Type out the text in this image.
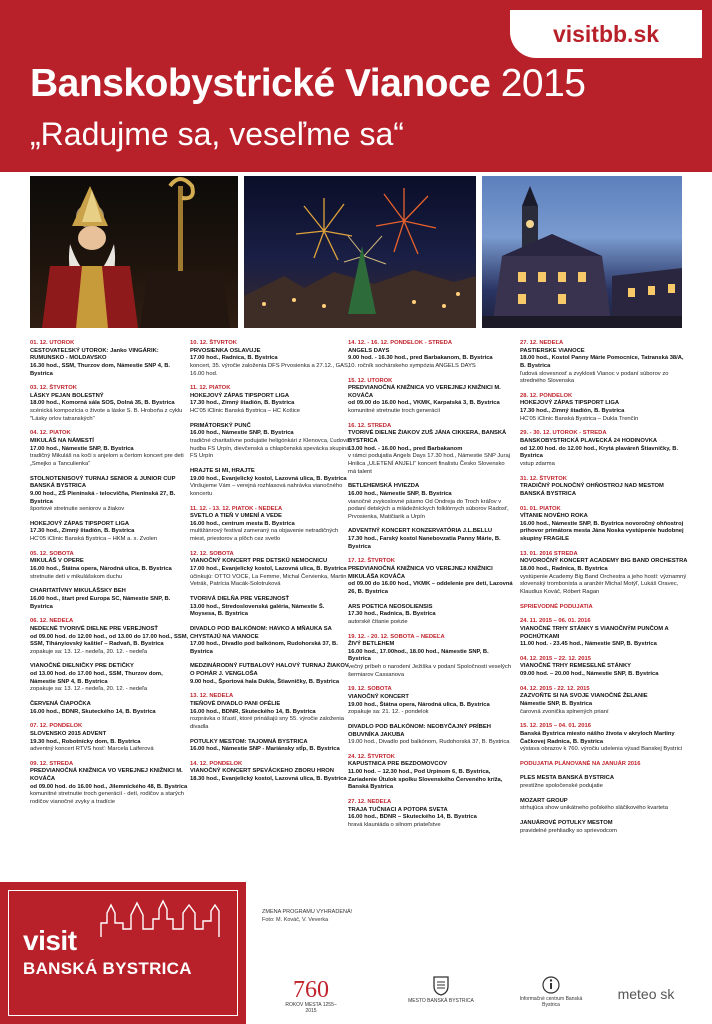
visitbb.sk
Banskobystrické Vianoce 2015
„Radujme sa, veseľme sa“
01. 12. UTOROK
CESTOVATEĽSKÝ UTOROK: Janko VINGÁRIK: RUMUNSKO - MOLDAVSKO
16.30 hod., SSM, Thurzov dom, Námestie SNP 4, B. Bystrica
03. 12. ŠTVRTOK
LÁSKY PEJAN BOLESTNÝ
18.00 hod., Komorná sála SOS, Dolná 35, B. Bystrica
scénická kompozícia o živote a láske S. B. Hroboňa z cyklu "Lásky orlov tatranských"
04. 12. PIATOK
MIKULÁŠ NA NÁMESTÍ
17.00 hod., Námestie SNP, B. Bystrica
tradičný Mikuláš na koči s anjelom a čertom koncert pre deti „Smejko a Tanculienka“
STOLNOTENISOVÝ TURNAJ SENIOR & JUNIOR CUP BANSKÁ BYSTRICA
9.00 hod., ZŠ Pieninská - telocvičňa, Pieninská 27, B. Bystrica
športové stretnutie seniorov a žiakov
HOKEJOVÝ ZÁPAS TIPSPORT LIGA
17.30 hod., Zimný štadión, B. Bystrica
HC'05 iClinic Banská Bystrica – HKM a. s. Zvolen
05. 12. SOBOTA
MIKULÁŠ V OPERE
16.00 hod., Štátna opera, Národná ulica, B. Bystrica
stretnutie detí v mikulášskom duchu
CHARITATÍVNY MIKULÁŠSKY BEH
16.00 hod., štart pred Europa SC, Námestie SNP, B. Bystrica
06. 12. NEDEĽA
NEDEĽNÉ TVORIVÉ DIELNE PRE VEREJNOSŤ
od 09.00 hod. do 12.00 hod., od 13.00 do 17.00 hod., SSM, SSM, Tihányiovský kaštieľ – Radvaň, B. Bystrica
zopakuje sa: 13. 12.- nedeľa, 20. 12. - nedeľa
VIANOČNÉ DIELNIČKY PRE DETIČKY
od 13.00 hod. do 17.00 hod., SSM, Thurzov dom, Námestie SNP 4, B. Bystrica
zopakuje sa: 13. 12.- nedeľa, 20. 12. - nedeľa
ČERVENÁ ČIAPOČKA
16.00 hod., BDNR, Skuteckého 14, B. Bystrica
07. 12. PONDELOK
SLOVENSKO 2015 ADVENT
19.30 hod., Robotnícky dom, B. Bystrica
adventný koncert RTVS hosť: Marcela Laiferová
09. 12. STREDA
PREDVIANOČNÁ KNIŽNICA VO VEREJNEJ KNIŽNICI M. KOVÁČA
od 09.00 hod. do 16.00 hod., Jilemnického 48, B. Bystrica
komunitné stretnutie troch generácií - detí, rodičov a starých rodičov vianočné zvyky a tradície
10. 12. ŠTVRTOK
PRVOSIENKA OSLAVUJE
17.00 hod., Radnica, B. Bystrica
koncert, 35. výročie založenia DFS Prvosienka a 27.12., GAS, 16.00 hod.
11. 12. PIATOK
HOKEJOVÝ ZÁPAS TIPSPORT LIGA
17.30 hod., Zimný štadión, B. Bystrica
HC'05 iClinic Banská Bystrica – HC Košice
PRIMÁTORSKÝ PUNČ
16.00 hod., Námestie SNP, B. Bystrica
tradičné charitatívne podujatie heligónkári z Klenovca, Ľudová hudba FS Urpín, dievčenská a chlapčenská spevácka skupina FS Urpín
HRAJTE SI MI, HRAJTE
19.00 hod., Evanjelický kostol, Lazovná ulica, B. Bystrica
Vinšujeme Vám – verejná rozhlasová nahrávka vianočného koncertu
11. 12. - 13. 12. PIATOK - NEDEĽA
SVETLO A TIEŇ V UMENÍ A VEDE
16.00 hod., centrum mesta B. Bystrica
multižánrový festival zameraný na objavenie netradičných miest, priestorov a plôch cez svetlo
12. 12. SOBOTA
VIANOČNÝ KONCERT PRE DETSKÚ NEMOCNICU
17.00 hod., Evanjelický kostol, Lazovná ulica, B. Bystrica
účinkujú: OTTO VOCE, La Femme, Michal Červienka, Martin Vetrák, Patrícia Macák-Solotruková
TVORIVÁ DIELŇA PRE VEREJNOSŤ
13.00 hod., Stredoslovenská galéria, Námestie Š. Moysesa, B. Bystrica
DIVADLO POD BALKÓNOM: HAVKO A MŇAUKA SA CHYSTAJÚ NA VIANOCE
17.00 hod., Divadlo pod balkónom, Rudohorská 37, B. Bystrica
MEDZINÁRODNÝ FUTBALOVÝ HALOVÝ TURNAJ ŽIAKOV O POHÁR J. VENGLOŠA
9.00 hod., Športová hala Dukla, Štiavničky, B. Bystrica
13. 12. NEDEĽA
TIEŇOVÉ DIVADLO PANI OFÉLIE
16.00 hod., BDNR, Skuteckého 14, B. Bystrica
rozprávka o šťastí, ktoré prinášajú sny 55. výročie založenia divadla
POTULKY MESTOM: TAJOMNÁ BYSTRICA
16.00 hod., Námestie SNP - Mariánsky stĺp, B. Bystrica
14. 12. PONDELOK
VIANOČNÝ KONCERT SPEVÁCKEHO ZBORU HRON
18.30 hod., Evanjelický kostol, Lazovná ulica, B. Bystrica
14. 12. - 16. 12. PONDELOK - STREDA
ANGELS DAYS
9.00 hod. - 16.30 hod., pred Barbakanom, B. Bystrica
10. ročník sochárskeho sympózia ANGELS DAYS
15. 12. UTOROK
PREDVIANOČNÁ KNIŽNICA VO VEREJNEJ KNIŽNICI M. KOVÁČA
od 09.00 do 16.00 hod., VKMK, Karpatská 3, B. Bystrica
komunitné stretnutie troch generácií
16. 12. STREDA
TVORIVÉ DIELNE ŽIAKOV ZUŠ JÁNA CIKKERA, BANSKÁ BYSTRICA
13.00 hod. - 16.00 hod., pred Barbakanom
v rámci podujatia Angels Days 17.30 hod., Námestie SNP Juraj Hnilica „ULETENÍ ANJELI“ koncert finalistu Česko Slovensko má talent
BETLEHEMSKÁ HVIEZDA
16.00 hod., Námestie SNP, B. Bystrica
vianočné zvykoslovné pásmo Od Ondreja do Troch kráľov v podaní detských a mládežníckych folklórnych súborov Radosť, Prvosienka, Matičiarik a Urpín
ADVENTNÝ KONCERT KONZERVATÓRIA J.L.BELLU
17.30 hod., Farský kostol Nanebovzatia Panny Márie, B. Bystrica
17. 12. ŠTVRTOK
PREDVIANOČNÁ KNIŽNICA VO VEREJNEJ KNIŽNICI MIKULÁŠA KOVÁČA
od 09.00 do 16.00 hod., VKMK – oddelenie pre deti, Lazovná 26, B. Bystrica
ARS POETICA NEOSOLIENSIS
17.30 hod., Radnica, B. Bystrica
autorské čítanie poézie
19. 12. - 20. 12. SOBOTA – NEDEĽA
ŽIVÝ BETLEHEM
16.00 hod., 17.00hod., 18.00 hod., Námestie SNP, B. Bystrica
večný príbeh o narodení Ježiška v podaní Spoločnosti veselých šermiarov Cassanova
19. 12. SOBOTA
VIANOČNÝ KONCERT
19.00 hod., Štátna opera, Národná ulica, B. Bystrica
zopakuje sa: 21. 12. - pondelok
DIVADLO POD BALKÓNOM: NEOBYČAJNÝ PRÍBEH OBUVNÍKA JAKUBA
19.00 hod., Divadlo pod balkónom, Rudohorská 37, B. Bystrica
24. 12. ŠTVRTOK
KAPUSTNICA PRE BEZDOMOVCOV
11.00 hod. – 12.30 hod., Pod Urpínom 6, B. Bystrica, Zariadenie Útulok spolku Slovenského Červeného kríža, Banská Bystrica
27. 12. NEDEĽA
TRAJA TUČNIACI A POTOPA SVETA
16.00 hod., BDNR – Skuteckého 14, B. Bystrica
hravá klauniáda o silnom priateľstve
27. 12. NEDEĽA
PASTIERSKE VIANOCE
18.00 hod., Kostol Panny Márie Pomocnice, Tatranská 38/A, B. Bystrica
ľudová slovesnosť a zvyklosti Vianoc v podaní súborov zo stredného Slovenska
28. 12. PONDELOK
HOKEJOVÝ ZÁPAS TIPSPORT LIGA
17.30 hod., Zimný štadión, B. Bystrica
HC'05 iClinic Banská Bystrica – Dukla Trenčín
29. - 30. 12. UTOROK - STREDA
BANSKOBYSTRICKÁ PLAVECKÁ 24 HODINOVKA
od 12.00 hod. do 12.00 hod., Krytá plaváreň Štiavničky, B. Bystrica
vstup zdarma
31. 12. ŠTVRTOK
TRADIČNÝ POLNOČNÝ OHŇOSTROJ NAD MESTOM BANSKÁ BYSTRICA
01. 01. PIATOK
VÍTANIE NOVÉHO ROKA
16.00 hod., Námestie SNP, B. Bystrica novoročný ohňostroj prihovor primátora mesta Jána Noska vystúpenie hudobnej skupiny FRAGILE
13. 01. 2016 STREDA
NOVOROČNÝ KONCERT ACADEMY BIG BAND ORCHESTRA
18.00 hod., Radnica, B. Bystrica
vystúpenie Academy Big Band Orchestra a jeho hostí: významný slovenský trombonista a aranžér Michal Motýľ, Lukáš Oravec, Klaudius Kováč, Róbert Ragan
SPRIEVODNÉ PODUJATIA
24. 11. 2015 – 06. 01. 2016
VIANOČNÉ TRHY STÁNKY S VIANOČNÝM PUNČOM A POCHÚTKAMI
11.00 hod. - 23.45 hod., Námestie SNP, B. Bystrica
04. 12. 2015 – 22. 12. 2015
VIANOČNÉ TRHY REMESELNÉ STÁNKY
09.00 hod. – 20.00 hod., Námestie SNP, B. Bystrica
04. 12. 2015 - 22. 12. 2015
ZAZVOŇTE SI NA SVOJE VIANOČNÉ ŽELANIE
Námestie SNP, B. Bystrica
čarovná zvonička splnených prianí
15. 12. 2015 – 04. 01. 2016
Banská Bystrica miesto nášho života v akryloch Martiny Čačkovej Radnica, B. Bystrica
výstava obrazov k 760. výročiu udelenia výsad Banskej Bystrici
PODUJATIA PLÁNOVANÉ NA JANUÁR 2016
PLES MESTA BANSKÁ BYSTRICA
prestížne spoločenské podujatie
MOZART GROUP
strhujúca show unikátneho poľského sláčikového kvarteta
JANUÁROVÉ POTULKY MESTOM
pravidelné prehliadky so sprievodcom
visit
BANSKÁ BYSTRICA
ZMENA PROGRAMU VYHRADENÁ!
Foto: M. Kováč, V. Veverka
760
ROKOV MESTA 1255–2015
MESTO BANSKÁ BYSTRICA	Informačné centrum Banská Bystrica
meteo sk
